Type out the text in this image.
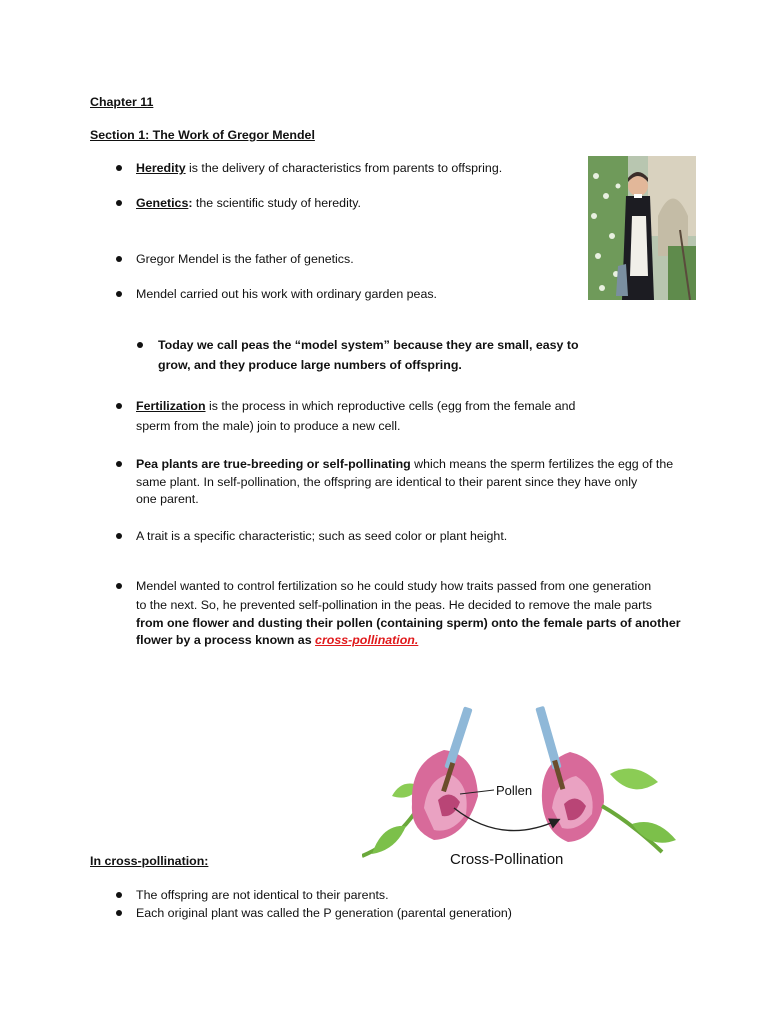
Chapter 11
Section 1: The Work of Gregor Mendel
Heredity is the delivery of characteristics from parents to offspring.
Genetics: the scientific study of heredity.
Gregor Mendel is the father of genetics.
Mendel carried out his work with ordinary garden peas.
Today we call peas the “model system” because they are small, easy to
grow, and they produce large numbers of offspring.
Fertilization is the process in which reproductive cells (egg from the female and
sperm from the male) join to produce a new cell.
Pea plants are true-breeding or self-pollinating which means the sperm fertilizes the egg of the
same plant. In self-pollination, the offspring are identical to their parent since they have only
one parent.
A trait is a specific characteristic; such as seed color or plant height.
Mendel wanted to control fertilization so he could study how traits passed from one generation
to the next. So, he prevented self-pollination in the peas. He decided to remove the male parts
from one flower and dusting their pollen (containing sperm) onto the female parts of another
flower by a process known as cross-pollination.
Pollen
Cross-Pollination
In cross-pollination:
The offspring are not identical to their parents.
Each original plant was called the P generation (parental generation)
